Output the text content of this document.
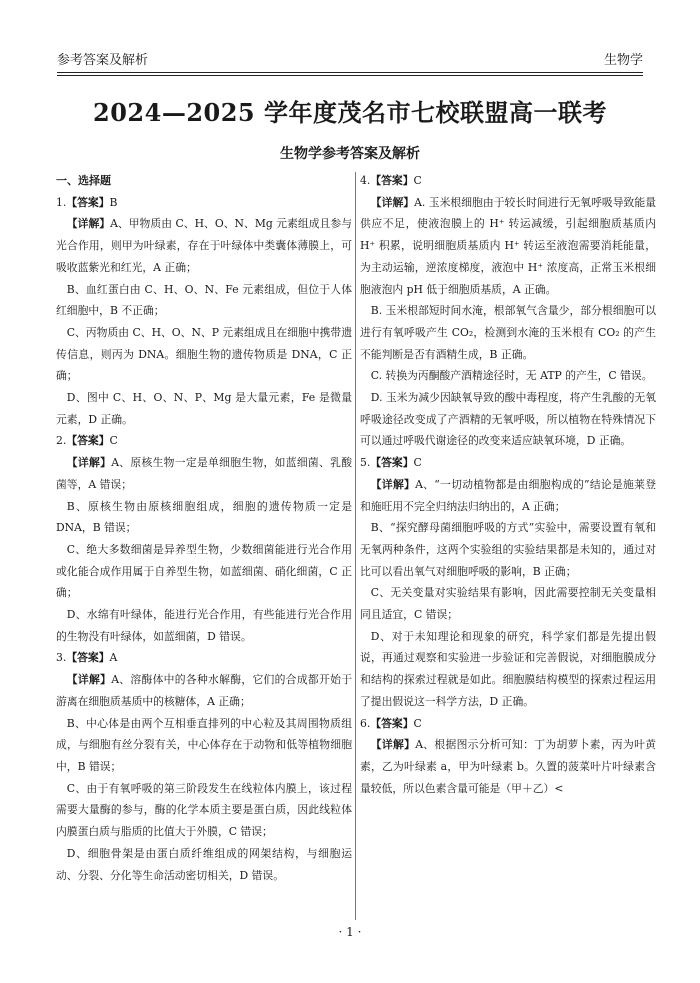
参考答案及解析	生物学
2024—2025 学年度茂名市七校联盟高一联考
生物学参考答案及解析
一、选择题
1.【答案】B

【详解】A、甲物质由 C、H、O、N、Mg 元素组成且参与光合作用，则甲为叶绿素，存在于叶绿体中类囊体薄膜上，可吸收蓝紫光和红光，A 正确；

B、血红蛋白由 C、H、O、N、Fe 元素组成，但位于人体红细胞中，B 不正确；

C、丙物质由 C、H、O、N、P 元素组成且在细胞中携带遗传信息，则丙为 DNA。细胞生物的遗传物质是 DNA，C 正确；

D、图中 C、H、O、N、P、Mg 是大量元素，Fe 是微量元素，D 正确。

2.【答案】C

【详解】A、原核生物一定是单细胞生物，如蓝细菌、乳酸菌等，A 错误；

B、原核生物由原核细胞组成，细胞的遗传物质一定是 DNA，B 错误；

C、绝大多数细菌是异养型生物，少数细菌能进行光合作用或化能合成作用属于自养型生物，如蓝细菌、硝化细菌，C 正确；

D、水绵有叶绿体，能进行光合作用，有些能进行光合作用的生物没有叶绿体，如蓝细菌，D 错误。

3.【答案】A

【详解】A、溶酶体中的各种水解酶，它们的合成都开始于游离在细胞质基质中的核糖体，A 正确；

B、中心体是由两个互相垂直排列的中心粒及其周围物质组成，与细胞有丝分裂有关，中心体存在于动物和低等植物细胞中，B 错误；

C、由于有氧呼吸的第三阶段发生在线粒体内膜上，该过程需要大量酶的参与，酶的化学本质主要是蛋白质，因此线粒体内膜蛋白质与脂质的比值大于外膜，C 错误；

D、细胞骨架是由蛋白质纤维组成的网架结构，与细胞运动、分裂、分化等生命活动密切相关，D 错误。

4.【答案】C

【详解】A. 玉米根细胞由于较长时间进行无氧呼吸导致能量供应不足，使液泡膜上的 H⁺ 转运减缓，引起细胞质基质内 H⁺ 积累，说明细胞质基质内 H⁺ 转运至液泡需要消耗能量，为主动运输，逆浓度梯度，液泡中 H⁺ 浓度高，正常玉米根细胞液泡内 pH 低于细胞质基质，A 正确。

B. 玉米根部短时间水淹，根部氧气含量少，部分根细胞可以进行有氧呼吸产生 CO₂，检测到水淹的玉米根有 CO₂ 的产生不能判断是否有酒精生成，B 正确。

C. 转换为丙酮酸产酒精途径时，无 ATP 的产生，C 错误。

D. 玉米为减少因缺氧导致的酸中毒程度，将产生乳酸的无氧呼吸途径改变成了产酒精的无氧呼吸，所以植物在特殊情况下可以通过呼吸代谢途径的改变来适应缺氧环境，D 正确。

5.【答案】C

【详解】A、“一切动植物都是由细胞构成的”结论是施莱登和施旺用不完全归纳法归纳出的，A 正确；

B、“探究酵母菌细胞呼吸的方式”实验中，需要设置有氧和无氧两种条件，这两个实验组的实验结果都是未知的，通过对比可以看出氧气对细胞呼吸的影响，B 正确；

C、无关变量对实验结果有影响，因此需要控制无关变量相同且适宜，C 错误；

D、对于未知理论和现象的研究，科学家们都是先提出假说，再通过观察和实验进一步验证和完善假说，对细胞膜成分和结构的探索过程就是如此。细胞膜结构模型的探索过程运用了提出假说这一科学方法，D 正确。

6.【答案】C

【详解】A、根据图示分析可知：丁为胡萝卜素，丙为叶黄素，乙为叶绿素 a，甲为叶绿素 b。久置的菠菜叶片叶绿素含量较低，所以色素含量可能是（甲＋乙）<

· 1 ·
